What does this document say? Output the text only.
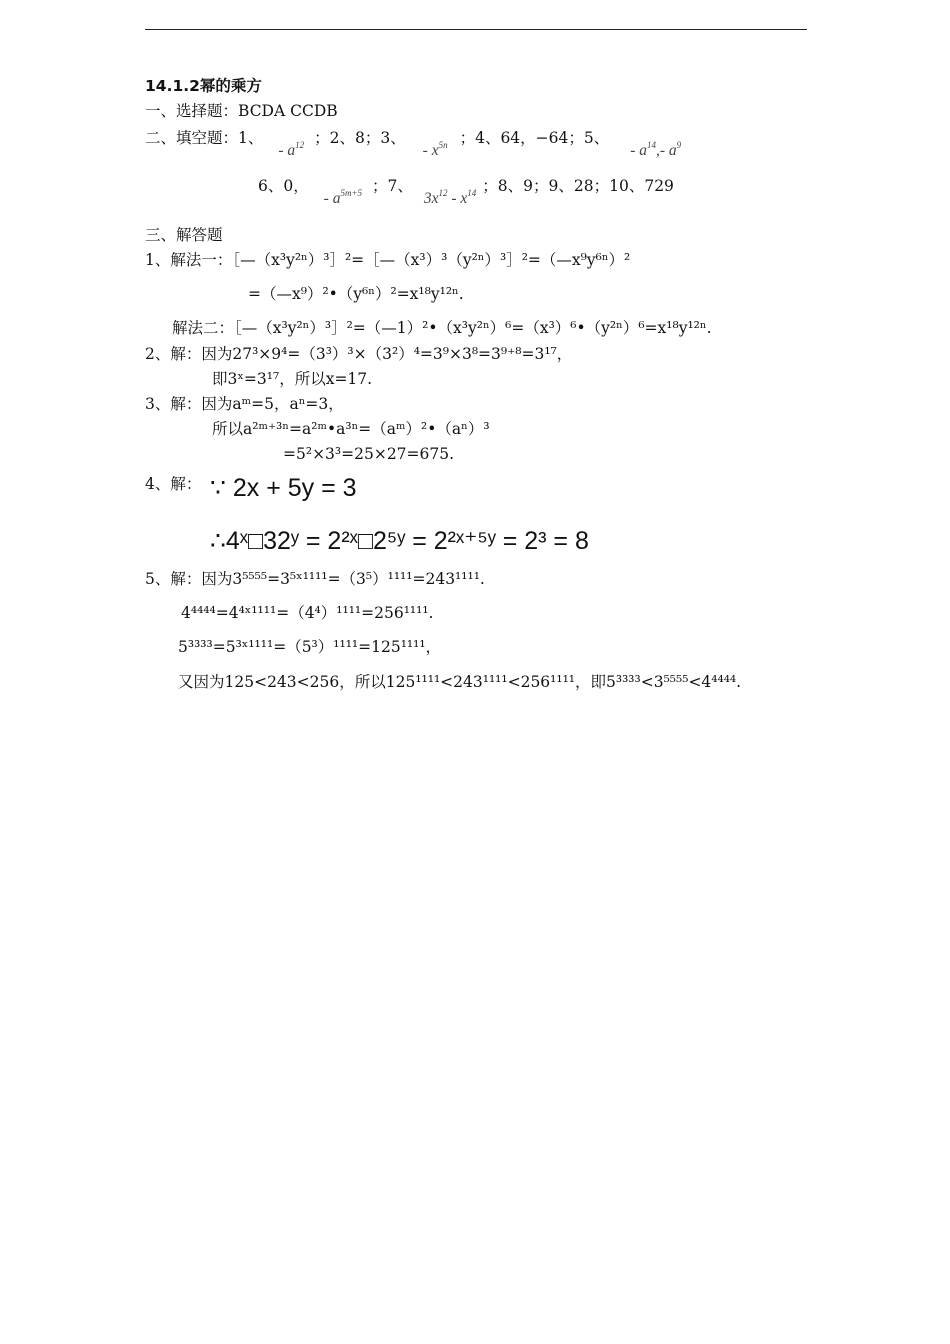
14.1.2幂的乘方
一、选择题：BCDA CCDB
二、填空题：1、 - $a^{12}$ ；2、8；3、 - $x^{5n}$ ；4、64，−64；5、 - $a^{14},-$ $a^9$
6、0， - $a^{5m+5}$ ；7、 $3x^{12} - x^{14}$ ；8、9；9、28；10、729
三、解答题
1、解法一：［—（x³y²ⁿ）³］²=［—（x³）³（y²ⁿ）³］²=（—x⁹y⁶ⁿ）²
=（—x⁹）²•（y⁶ⁿ）²=x¹⁸y¹²ⁿ.
解法二：［—（x³y²ⁿ）³］²=（—1）²•（x³y²ⁿ）⁶=（x³）⁶•（y²ⁿ）⁶=x¹⁸y¹²ⁿ.
2、解：因为27³×9⁴=（3³）³×（3²）⁴=3⁹×3⁸=3⁹⁺⁸=3¹⁷，
即3ˣ=3¹⁷，所以x=17.
3、解：因为aᵐ=5，aⁿ=3，
所以a²ᵐ⁺³ⁿ=a²ᵐ•a³ⁿ=（aᵐ）²•（aⁿ）³
=5²×3³=25×27=675.
4、解： ∵ 2x + 5y = 3
∴4ˣ□32ʸ = 2²ˣ□2⁵ʸ = 2²ˣ⁺⁵ʸ = 2³ = 8
5、解：因为3⁵⁵⁵⁵=3⁵ˣ¹¹¹¹=（3⁵）¹¹¹¹=243¹¹¹¹.
4⁴⁴⁴⁴=4⁴ˣ¹¹¹¹=（4⁴）¹¹¹¹=256¹¹¹¹.
5³³³³=5³ˣ¹¹¹¹=（5³）¹¹¹¹=125¹¹¹¹，
又因为125<243<256，所以125¹¹¹¹<243¹¹¹¹<256¹¹¹¹，即5³³³³<3⁵⁵⁵⁵<4⁴⁴⁴⁴.
